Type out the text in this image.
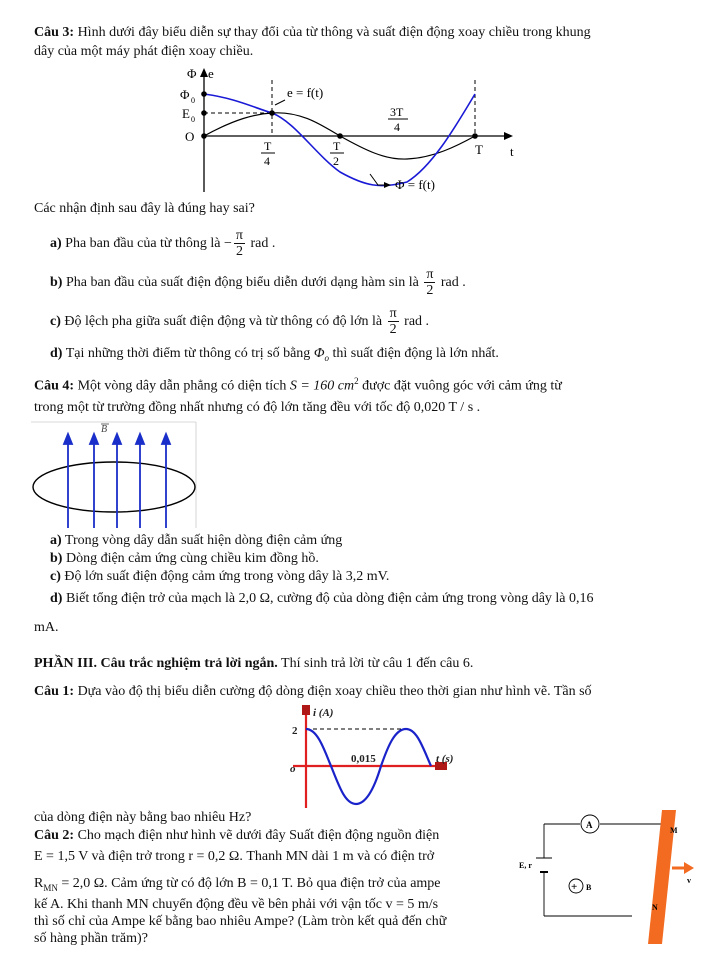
Câu 3: Hình dưới đây biểu diễn sự thay đổi của từ thông và suất điện động xoay chiều trong khung
dây của một máy phát điện xoay chiều.
Φ e
Φ 0
E 0
O
e = f(t)
T
4
T
2
3T
4
T t
Φ = f(t)
Các nhận định sau đây là đúng hay sai?
a) Pha ban đầu của từ thông là − $\frac{\pi}{2}$ rad .
b) Pha ban đầu của suất điện động biểu diễn dưới dạng hàm sin là $\frac{\pi}{2}$ rad .
c) Độ lệch pha giữa suất điện động và từ thông có độ lớn là $\frac{\pi}{2}$ rad .
d) Tại những thời điểm từ thông có trị số bằng $\Phi_o$ thì suất điện động là lớn nhất.
Câu 4: Một vòng dây dẫn phẳng có diện tích S = 160 $cm^2$ được đặt vuông góc với cảm ứng từ
trong một từ trường đồng nhất nhưng có độ lớn tăng đều với tốc độ 0,020 T / s .
B
a) Trong vòng dây dẫn suất hiện dòng điện cảm ứng
b) Dòng điện cảm ứng cùng chiều kim đồng hồ.
c) Độ lớn suất điện động cảm ứng trong vòng dây là 3,2 mV.
d) Biết tổng điện trở của mạch là 2,0 Ω, cường độ của dòng điện cảm ứng trong vòng dây là 0,16
mA.
PHẦN III. Câu trắc nghiệm trả lời ngắn. Thí sinh trả lời từ câu 1 đến câu 6.
Câu 1: Dựa vào độ thị biểu diễn cường độ dòng điện xoay chiều theo thời gian như hình vẽ. Tần số
i (A)
2
o
0,015	t (s)
của dòng điện này bằng bao nhiêu Hz?
Câu 2: Cho mạch điện như hình vẽ dưới đây Suất điện động nguồn điện
E = 1,5 V và điện trở trong r = 0,2 Ω. Thanh MN dài 1 m và có điện trở
$R_{MN} = 2,0$ Ω. Cảm ứng từ có độ lớn B = 0,1 T. Bỏ qua điện trở của ampe
kế A. Khi thanh MN chuyển động đều về bên phải với vận tốc v = 5 m/s
thì số chỉ của Ampe kế bằng bao nhiêu Ampe? (Làm tròn kết quả đến chữ
số hàng phần trăm)?
E, r
A
+ B
M
N
v
